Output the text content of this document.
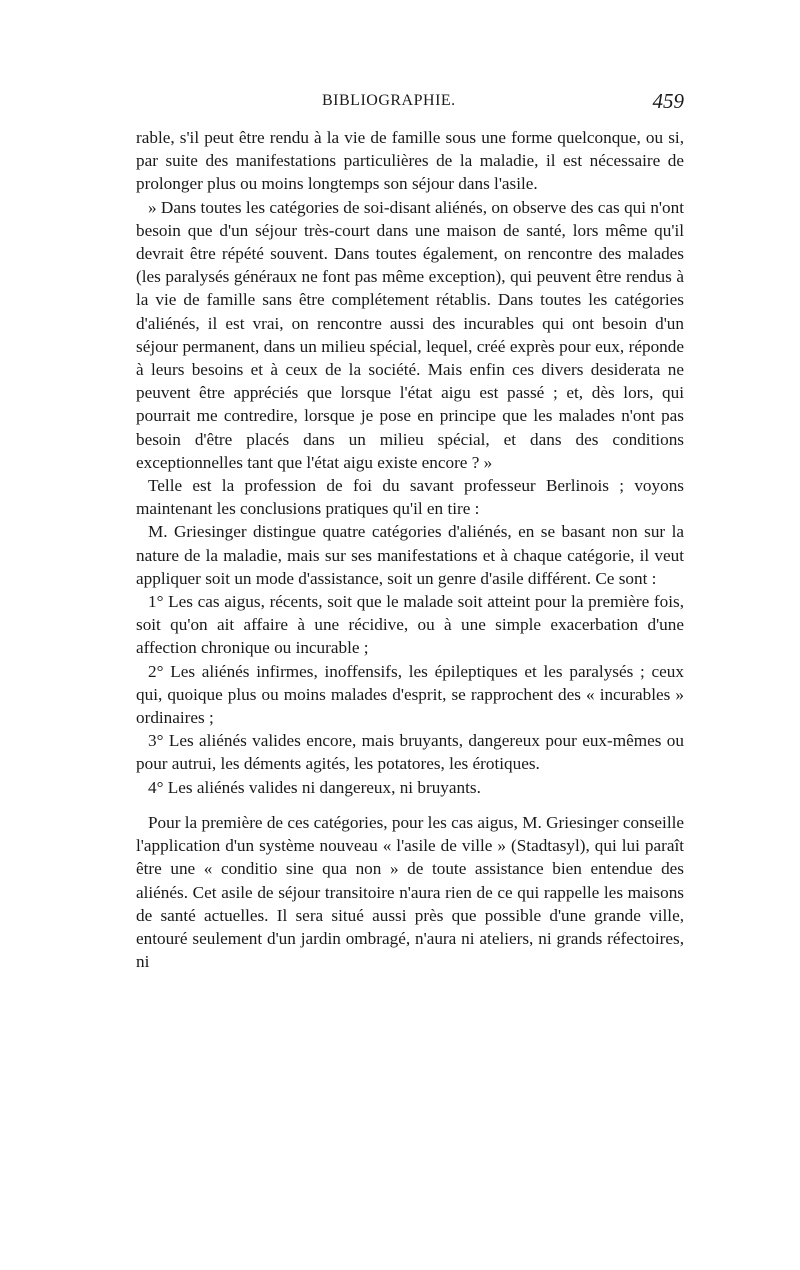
BIBLIOGRAPHIE.	459

rable, s'il peut être rendu à la vie de famille sous une forme quelconque, ou si, par suite des manifestations particulières de la maladie, il est nécessaire de prolonger plus ou moins longtemps son séjour dans l'asile.

» Dans toutes les catégories de soi-disant aliénés, on observe des cas qui n'ont besoin que d'un séjour très-court dans une maison de santé, lors même qu'il devrait être répété souvent. Dans toutes également, on rencontre des malades (les paralysés généraux ne font pas même exception), qui peuvent être rendus à la vie de famille sans être complétement rétablis. Dans toutes les catégories d'aliénés, il est vrai, on rencontre aussi des incurables qui ont besoin d'un séjour permanent, dans un milieu spécial, lequel, créé exprès pour eux, réponde à leurs besoins et à ceux de la société. Mais enfin ces divers desiderata ne peuvent être appréciés que lorsque l'état aigu est passé ; et, dès lors, qui pourrait me contredire, lorsque je pose en principe que les malades n'ont pas besoin d'être placés dans un milieu spécial, et dans des conditions exceptionnelles tant que l'état aigu existe encore ? »

Telle est la profession de foi du savant professeur Berlinois ; voyons maintenant les conclusions pratiques qu'il en tire :

M. Griesinger distingue quatre catégories d'aliénés, en se basant non sur la nature de la maladie, mais sur ses manifestations et à chaque catégorie, il veut appliquer soit un mode d'assistance, soit un genre d'asile différent. Ce sont :

1° Les cas aigus, récents, soit que le malade soit atteint pour la première fois, soit qu'on ait affaire à une récidive, ou à une simple exacerbation d'une affection chronique ou incurable ;

2° Les aliénés infirmes, inoffensifs, les épileptiques et les paralysés ; ceux qui, quoique plus ou moins malades d'esprit, se rapprochent des « incurables » ordinaires ;

3° Les aliénés valides encore, mais bruyants, dangereux pour eux-mêmes ou pour autrui, les déments agités, les potatores, les érotiques.

4° Les aliénés valides ni dangereux, ni bruyants.

Pour la première de ces catégories, pour les cas aigus, M. Griesinger conseille l'application d'un système nouveau « l'asile de ville » (Stadtasyl), qui lui paraît être une « conditio sine qua non » de toute assistance bien entendue des aliénés. Cet asile de séjour transitoire n'aura rien de ce qui rappelle les maisons de santé actuelles. Il sera situé aussi près que possible d'une grande ville, entouré seulement d'un jardin ombragé, n'aura ni ateliers, ni grands réfectoires, ni
